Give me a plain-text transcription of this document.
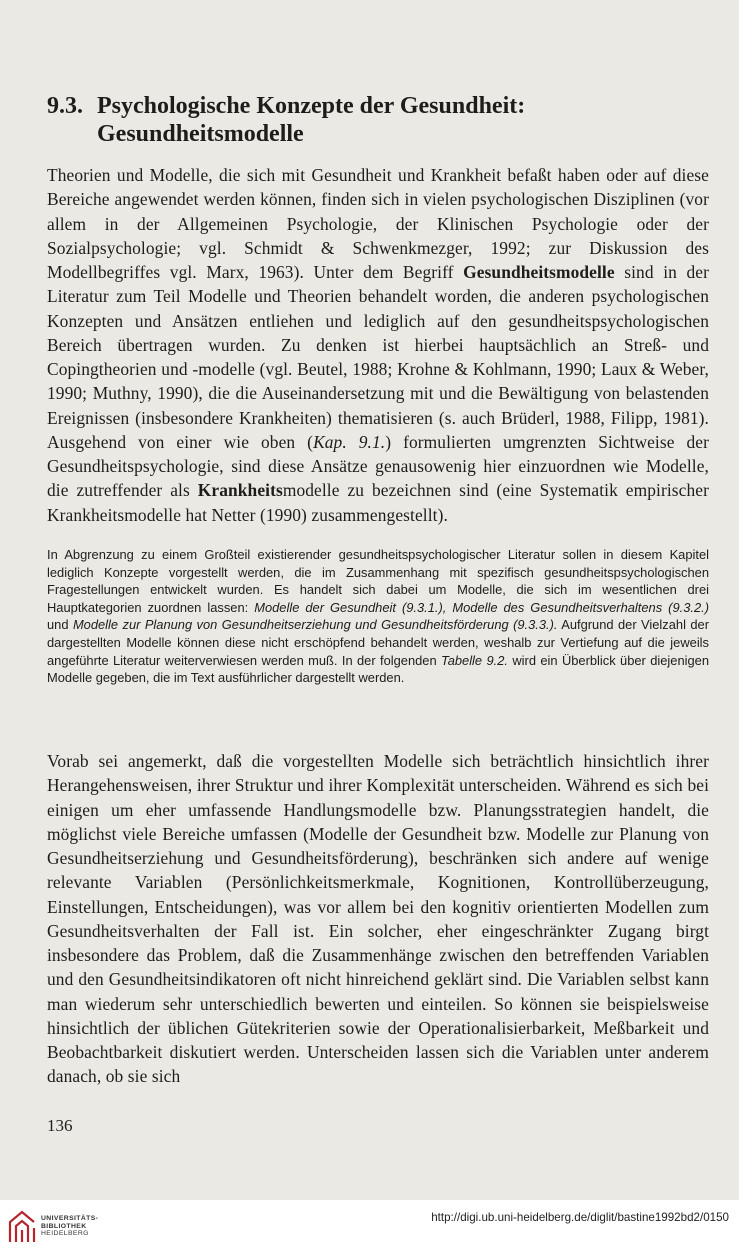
9.3. Psychologische Konzepte der Gesundheit:
Gesundheitsmodelle

Theorien und Modelle, die sich mit Gesundheit und Krankheit befaßt haben oder auf diese Bereiche angewendet werden können, finden sich in vielen psychologischen Disziplinen (vor allem in der Allgemeinen Psychologie, der Klinischen Psychologie oder der Sozialpsychologie; vgl. Schmidt & Schwenkmezger, 1992; zur Diskussion des Modellbegriffes vgl. Marx, 1963). Unter dem Begriff Gesundheitsmodelle sind in der Literatur zum Teil Modelle und Theorien behandelt worden, die anderen psychologischen Konzepten und Ansätzen entliehen und lediglich auf den gesundheitspsychologischen Bereich übertragen wurden. Zu denken ist hierbei hauptsächlich an Streß- und Copingtheorien und -modelle (vgl. Beutel, 1988; Krohne & Kohlmann, 1990; Laux & Weber, 1990; Muthny, 1990), die die Auseinandersetzung mit und die Bewältigung von belastenden Ereignissen (insbesondere Krankheiten) thematisieren (s. auch Brüderl, 1988, Filipp, 1981). Ausgehend von einer wie oben (Kap. 9.1.) formulierten umgrenzten Sichtweise der Gesundheitspsychologie, sind diese Ansätze genausowenig hier einzuordnen wie Modelle, die zutreffender als Krankheitsmodelle zu bezeichnen sind (eine Systematik empirischer Krankheitsmodelle hat Netter (1990) zusammengestellt).

In Abgrenzung zu einem Großteil existierender gesundheitspsychologischer Literatur sollen in diesem Kapitel lediglich Konzepte vorgestellt werden, die im Zusammenhang mit spezifisch gesundheitspsychologischen Fragestellungen entwickelt wurden. Es handelt sich dabei um Modelle, die sich im wesentlichen drei Hauptkategorien zuordnen lassen: Modelle der Gesundheit (9.3.1.), Modelle des Gesundheitsverhaltens (9.3.2.) und Modelle zur Planung von Gesundheitserziehung und Gesundheitsförderung (9.3.3.). Aufgrund der Vielzahl der dargestellten Modelle können diese nicht erschöpfend behandelt werden, weshalb zur Vertiefung auf die jeweils angeführte Literatur weiterverwiesen werden muß. In der folgenden Tabelle 9.2. wird ein Überblick über diejenigen Modelle gegeben, die im Text ausführlicher dargestellt werden.

Vorab sei angemerkt, daß die vorgestellten Modelle sich beträchtlich hinsichtlich ihrer Herangehensweisen, ihrer Struktur und ihrer Komplexität unterscheiden. Während es sich bei einigen um eher umfassende Handlungsmodelle bzw. Planungsstrategien handelt, die möglichst viele Bereiche umfassen (Modelle der Gesundheit bzw. Modelle zur Planung von Gesundheitserziehung und Gesundheitsförderung), beschränken sich andere auf wenige relevante Variablen (Persönlichkeitsmerkmale, Kognitionen, Kontrollüberzeugung, Einstellungen, Entscheidungen), was vor allem bei den kognitiv orientierten Modellen zum Gesundheitsverhalten der Fall ist. Ein solcher, eher eingeschränkter Zugang birgt insbesondere das Problem, daß die Zusammenhänge zwischen den betreffenden Variablen und den Gesundheitsindikatoren oft nicht hinreichend geklärt sind. Die Variablen selbst kann man wiederum sehr unterschiedlich bewerten und einteilen. So können sie beispielsweise hinsichtlich der üblichen Gütekriterien sowie der Operationalisierbarkeit, Meßbarkeit und Beobachtbarkeit diskutiert werden. Unterscheiden lassen sich die Variablen unter anderem danach, ob sie sich

136

UNIVERSITÄTS-
BIBLIOTHEK
HEIDELBERG
http://digi.ub.uni-heidelberg.de/diglit/bastine1992bd2/0150
